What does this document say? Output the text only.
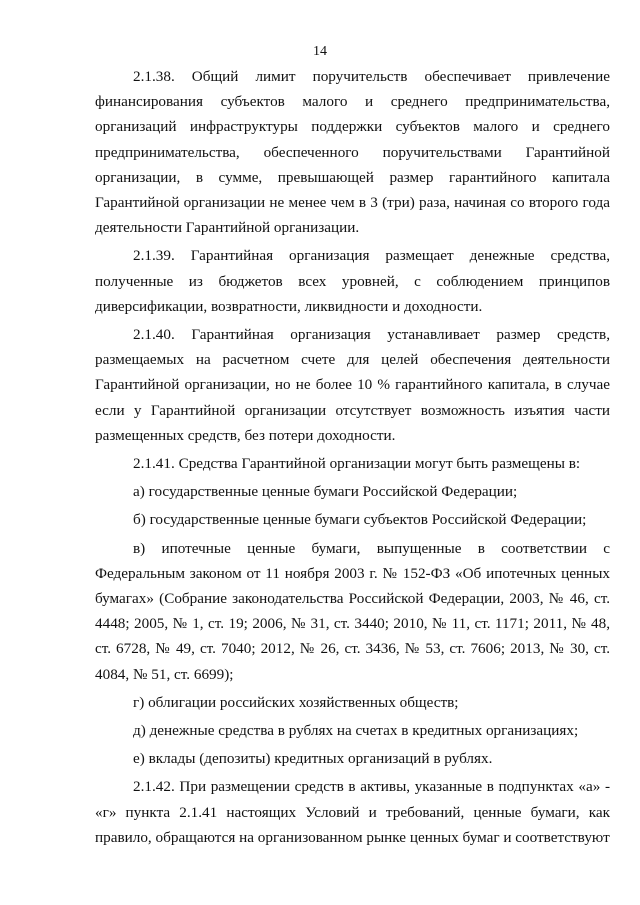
14

2.1.38. Общий лимит поручительств обеспечивает привлечение финансирования субъектов малого и среднего предпринимательства, организаций инфраструктуры поддержки субъектов малого и среднего предпринимательства, обеспеченного поручительствами Гарантийной организации, в сумме, превышающей размер гарантийного капитала Гарантийной организации не менее чем в 3 (три) раза, начиная со второго года деятельности Гарантийной организации.

2.1.39. Гарантийная организация размещает денежные средства, полученные из бюджетов всех уровней, с соблюдением принципов диверсификации, возвратности, ликвидности и доходности.

2.1.40. Гарантийная организация устанавливает размер средств, размещаемых на расчетном счете для целей обеспечения деятельности Гарантийной организации, но не более 10 % гарантийного капитала, в случае если у Гарантийной организации отсутствует возможность изъятия части размещенных средств, без потери доходности.

2.1.41. Средства Гарантийной организации могут быть размещены в:

а) государственные ценные бумаги Российской Федерации;

б) государственные ценные бумаги субъектов Российской Федерации;

в) ипотечные ценные бумаги, выпущенные в соответствии с Федеральным законом от 11 ноября 2003 г. № 152-ФЗ «Об ипотечных ценных бумагах» (Собрание законодательства Российской Федерации, 2003, № 46, ст. 4448; 2005, № 1, ст. 19; 2006, № 31, ст. 3440; 2010, № 11, ст. 1171; 2011, № 48, ст. 6728, № 49, ст. 7040; 2012, № 26, ст. 3436, № 53, ст. 7606; 2013, № 30, ст. 4084, № 51, ст. 6699);

г) облигации российских хозяйственных обществ;

д) денежные средства в рублях на счетах в кредитных организациях;

е) вклады (депозиты) кредитных организаций в рублях.

2.1.42. При размещении средств в активы, указанные в подпунктах «а» - «г» пункта 2.1.41 настоящих Условий и требований, ценные бумаги, как правило, обращаются на организованном рынке ценных бумаг и соответствуют
